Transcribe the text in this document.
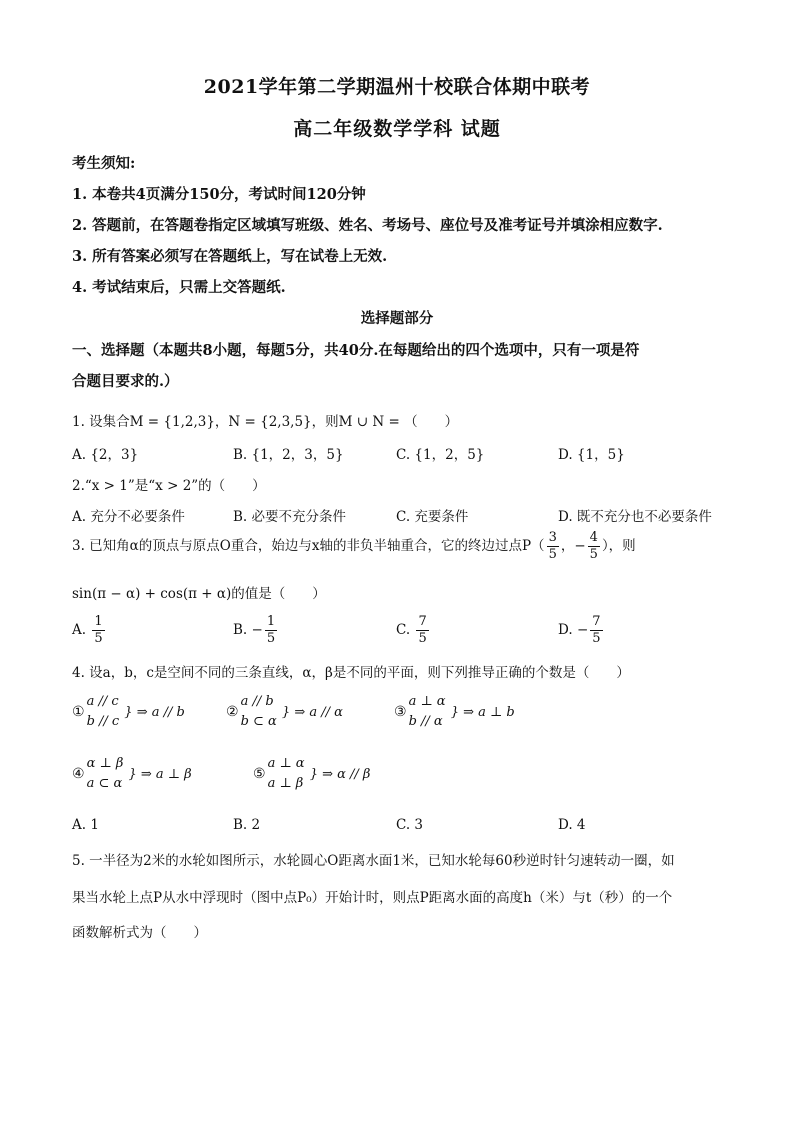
2021学年第二学期温州十校联合体期中联考
高二年级数学学科 试题
考生须知:
1. 本卷共4页满分150分，考试时间120分钟
2. 答题前，在答题卷指定区域填写班级、姓名、考场号、座位号及准考证号并填涂相应数字.
3. 所有答案必须写在答题纸上，写在试卷上无效.
4. 考试结束后，只需上交答题纸.
选择题部分
一、选择题（本题共8小题，每题5分，共40分.在每题给出的四个选项中，只有一项是符
合题目要求的.）
1. 设集合M = {1,2,3}，N = {2,3,5}，则M ∪ N = （　　）
A. {2，3}	B. {1，2，3，5}	C. {1，2，5}	D. {1，5}
2.“x > 1”是“x > 2”的（　　）
A. 充分不必要条件	B. 必要不充分条件	C. 充要条件	D. 既不充分也不必要条件
3. 已知角α的顶点与原点O重合，始边与x轴的非负半轴重合，它的终边过点$P( \frac{3}{5}$ ，− $\frac{4}{5}$ ），则
sin(π − α) + cos(π + α)的值是（　　）
A. $\frac{1}{5}$	B. − $\frac{1}{5}$	C. $\frac{7}{5}$	D. − $\frac{7}{5}$
4. 设a，b，c是空间不同的三条直线，α，β是不同的平面，则下列推导正确的个数是（　　）
①a // c
b // c } ⇒ a // b	②a // b
b ⊂ α } ⇒ a // α	③a ⊥ α
b // α } ⇒ a ⊥ b
④α ⊥ β
a ⊂ α } ⇒ a ⊥ β	⑤a ⊥ α
a ⊥ β } ⇒ α // β
A. 1	B. 2	C. 3	D. 4
5. 一半径为2米的水轮如图所示，水轮圆心O距离水面1米，已知水轮每60秒逆时针匀速转动一圈，如
果当水轮上点P从水中浮现时（图中点P₀）开始计时，则点P距离水面的高度h（米）与t（秒）的一个
函数解析式为（　　）
